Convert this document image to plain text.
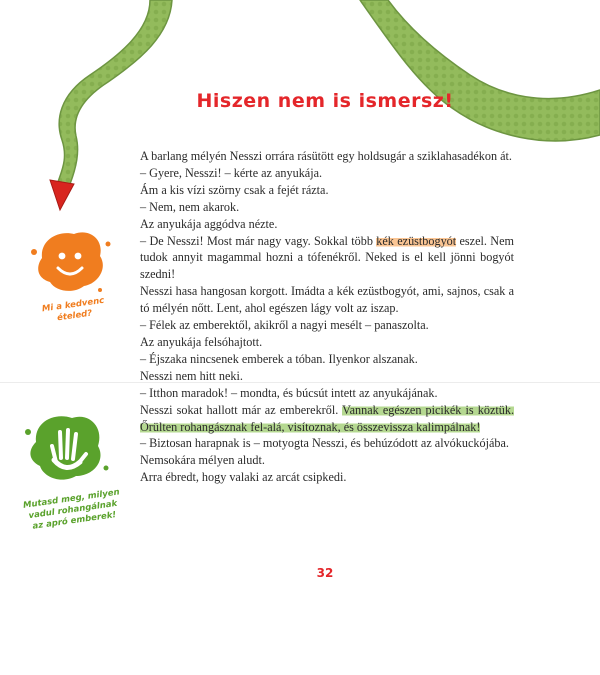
Hiszen nem is ismersz!
Mi a kedvenc ételed?
Mutasd meg, milyen vadul rohangálnak az apró emberek!

A barlang mélyén Nesszi orrára rásütött egy holdsugár a sziklahasadékon át.

– Gyere, Nesszi! – kérte az anyukája.

Ám a kis vízi szörny csak a fejét rázta.

– Nem, nem akarok.

Az anyukája aggódva nézte.

– De Nesszi! Most már nagy vagy. Sokkal több kék ezüstbogyót eszel. Nem tudok annyit magammal hozni a tófenékről. Neked is el kell jönni bogyót szedni!

Nesszi hasa hangosan korgott. Imádta a kék ezüstbogyót, ami, sajnos, csak a tó mélyén nőtt. Lent, ahol egészen lágy volt az iszap.

– Félek az emberektől, akikről a nagyi mesélt – panaszolta.

Az anyukája felsóhajtott.

– Éjszaka nincsenek emberek a tóban. Ilyenkor alszanak.

Nesszi nem hitt neki.

– Itthon maradok! – mondta, és búcsút intett az anyukájának.

Nesszi sokat hallott már az emberekről. Vannak egészen picikék is köztük. Őrülten rohangásznak fel-alá, visítoznak, és összevissza kalimpálnak!

– Biztosan harapnak is – motyogta Nesszi, és behúzódott az alvókuckójába.

Nemsokára mélyen aludt.

Arra ébredt, hogy valaki az arcát csipkedi.

32
